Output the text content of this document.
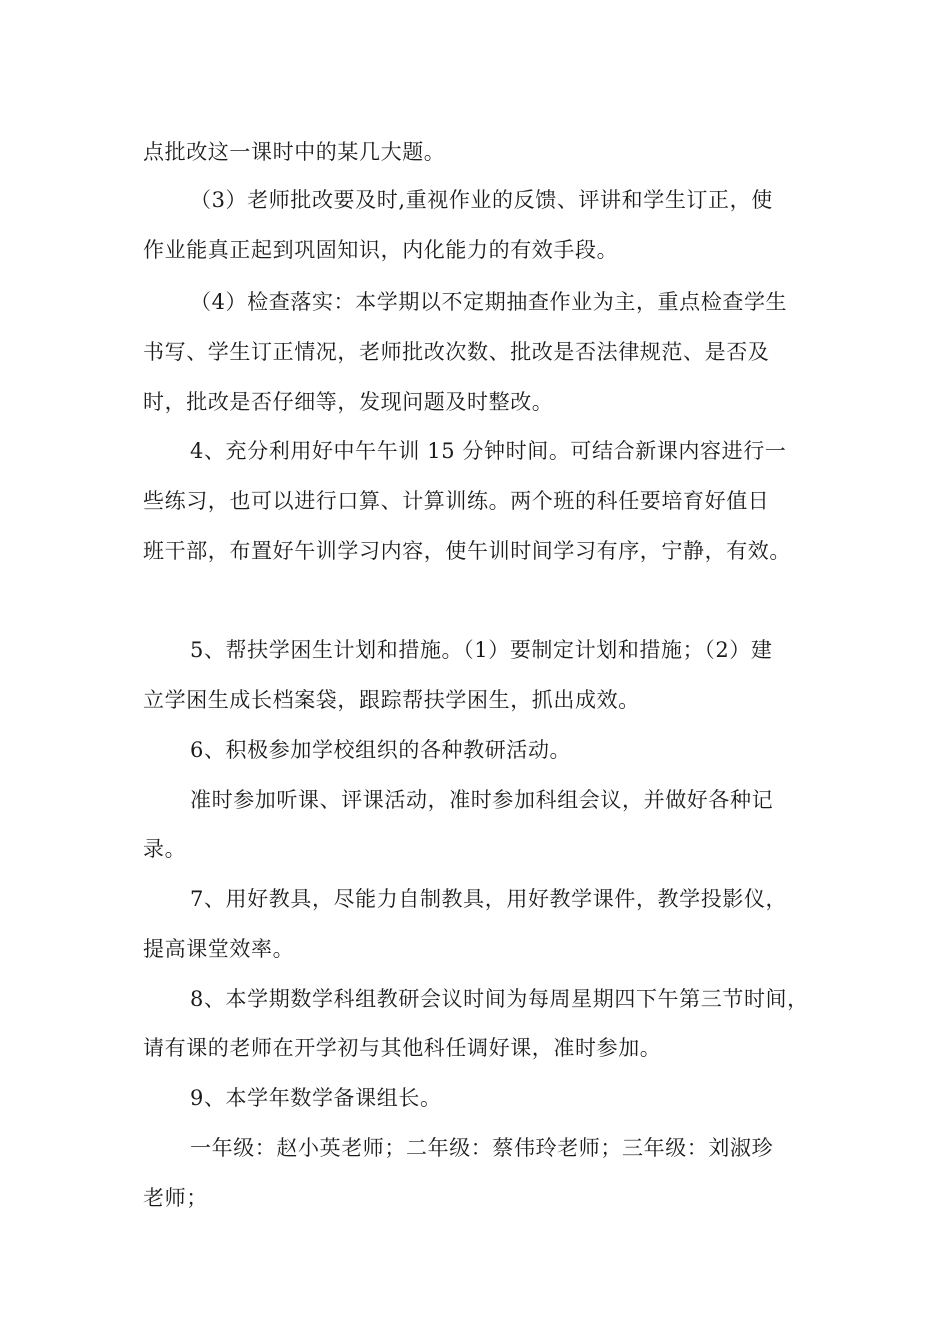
点批改这一课时中的某几大题。
（3）老师批改要及时,重视作业的反馈、评讲和学生订正，使
作业能真正起到巩固知识，内化能力的有效手段。
（4）检查落实：本学期以不定期抽查作业为主，重点检查学生
书写、学生订正情况，老师批改次数、批改是否法律规范、是否及
时，批改是否仔细等，发现问题及时整改。
4、充分利用好中午午训 15 分钟时间。可结合新课内容进行一
些练习，也可以进行口算、计算训练。两个班的科任要培育好值日
班干部，布置好午训学习内容，使午训时间学习有序，宁静，有效。
5、帮扶学困生计划和措施。（1）要制定计划和措施；（2）建
立学困生成长档案袋，跟踪帮扶学困生，抓出成效。
6、积极参加学校组织的各种教研活动。
准时参加听课、评课活动，准时参加科组会议，并做好各种记
录。
7、用好教具，尽能力自制教具，用好教学课件，教学投影仪，
提高课堂效率。
8、本学期数学科组教研会议时间为每周星期四下午第三节时间，
请有课的老师在开学初与其他科任调好课，准时参加。
9、本学年数学备课组长。
一年级：赵小英老师；二年级：蔡伟玲老师；三年级：刘淑珍
老师；
